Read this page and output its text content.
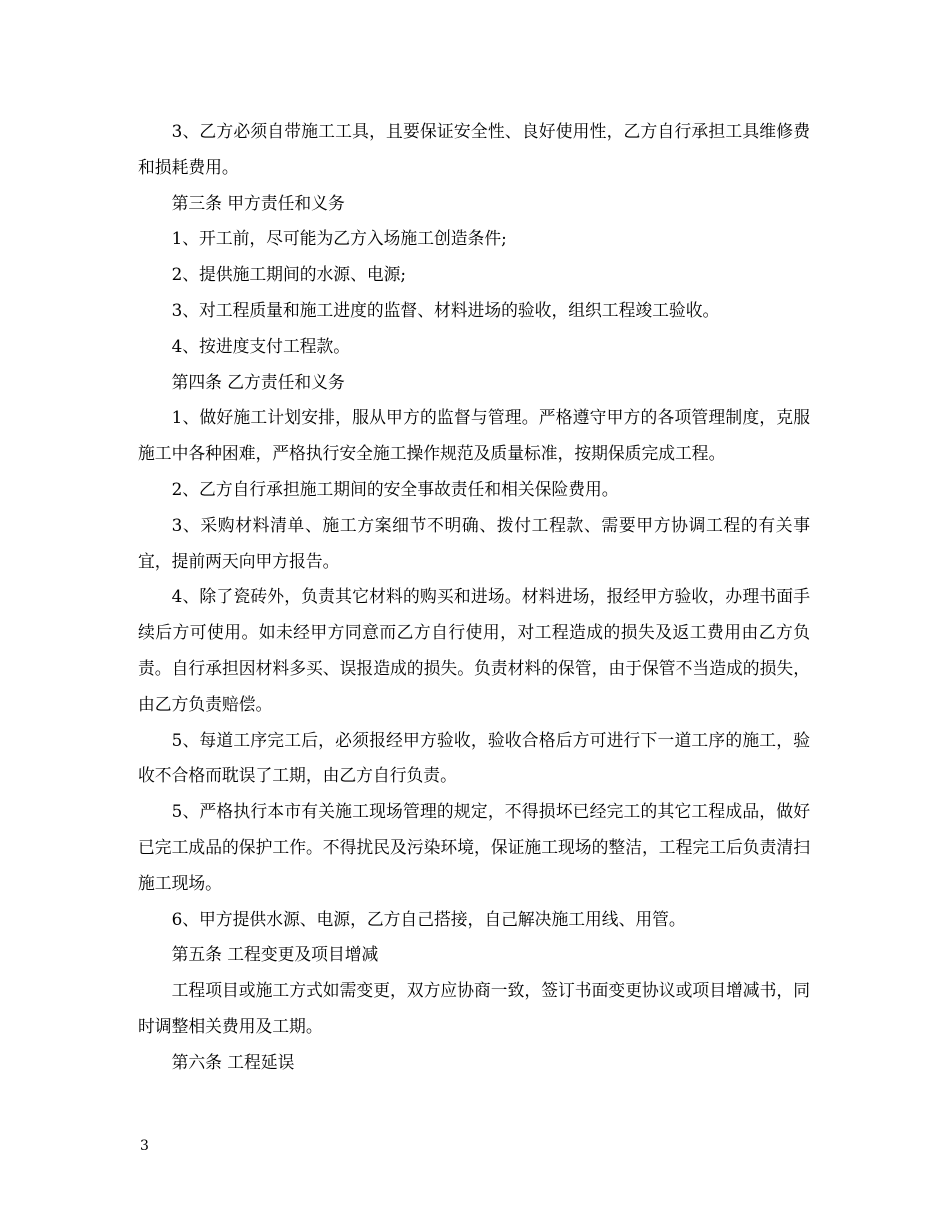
3、乙方必须自带施工工具，且要保证安全性、良好使用性，乙方自行承担工具维修费和损耗费用。

第三条 甲方责任和义务

1、开工前，尽可能为乙方入场施工创造条件;

2、提供施工期间的水源、电源;

3、对工程质量和施工进度的监督、材料进场的验收，组织工程竣工验收。

4、按进度支付工程款。

第四条 乙方责任和义务

1、做好施工计划安排，服从甲方的监督与管理。严格遵守甲方的各项管理制度，克服施工中各种困难，严格执行安全施工操作规范及质量标准，按期保质完成工程。

2、乙方自行承担施工期间的安全事故责任和相关保险费用。

3、采购材料清单、施工方案细节不明确、拨付工程款、需要甲方协调工程的有关事宜，提前两天向甲方报告。

4、除了瓷砖外，负责其它材料的购买和进场。材料进场，报经甲方验收，办理书面手续后方可使用。如未经甲方同意而乙方自行使用，对工程造成的损失及返工费用由乙方负责。自行承担因材料多买、误报造成的损失。负责材料的保管，由于保管不当造成的损失，由乙方负责赔偿。

5、每道工序完工后，必须报经甲方验收，验收合格后方可进行下一道工序的施工，验收不合格而耽误了工期，由乙方自行负责。

5、严格执行本市有关施工现场管理的规定，不得损坏已经完工的其它工程成品，做好已完工成品的保护工作。不得扰民及污染环境，保证施工现场的整洁，工程完工后负责清扫施工现场。

6、甲方提供水源、电源，乙方自己搭接，自己解决施工用线、用管。

第五条 工程变更及项目增减

工程项目或施工方式如需变更，双方应协商一致，签订书面变更协议或项目增减书，同时调整相关费用及工期。

第六条 工程延误

3
